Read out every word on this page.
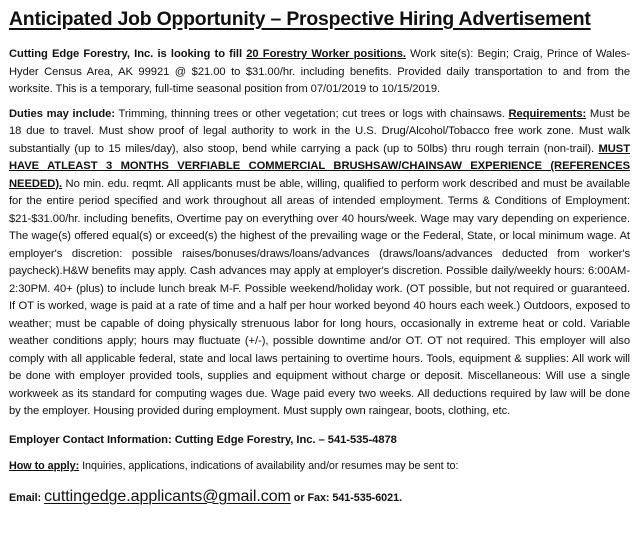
Anticipated Job Opportunity – Prospective Hiring Advertisement

Cutting Edge Forestry, Inc. is looking to fill 20 Forestry Worker positions. Work site(s): Begin; Craig, Prince of Wales-Hyder Census Area, AK 99921 @ $21.00 to $31.00/hr. including benefits. Provided daily transportation to and from the worksite. This is a temporary, full-time seasonal position from 07/01/2019 to 10/15/2019.

Duties may include: Trimming, thinning trees or other vegetation; cut trees or logs with chainsaws. Requirements: Must be 18 due to travel. Must show proof of legal authority to work in the U.S. Drug/Alcohol/Tobacco free work zone. Must walk substantially (up to 15 miles/day), also stoop, bend while carrying a pack (up to 50lbs) thru rough terrain (non-trail). MUST HAVE ATLEAST 3 MONTHS VERFIABLE COMMERCIAL BRUSHSAW/CHAINSAW EXPERIENCE (REFERENCES NEEDED). No min. edu. reqmt. All applicants must be able, willing, qualified to perform work described and must be available for the entire period specified and work throughout all areas of intended employment. Terms & Conditions of Employment: $21-$31.00/hr. including benefits, Overtime pay on everything over 40 hours/week. Wage may vary depending on experience. The wage(s) offered equal(s) or exceed(s) the highest of the prevailing wage or the Federal, State, or local minimum wage. At employer's discretion: possible raises/bonuses/draws/loans/advances (draws/loans/advances deducted from worker's paycheck).H&W benefits may apply. Cash advances may apply at employer's discretion. Possible daily/weekly hours: 6:00AM-2:30PM. 40+ (plus) to include lunch break M-F. Possible weekend/holiday work. (OT possible, but not required or guaranteed. If OT is worked, wage is paid at a rate of time and a half per hour worked beyond 40 hours each week.) Outdoors, exposed to weather; must be capable of doing physically strenuous labor for long hours, occasionally in extreme heat or cold. Variable weather conditions apply; hours may fluctuate (+/-), possible downtime and/or OT. OT not required. This employer will also comply with all applicable federal, state and local laws pertaining to overtime hours. Tools, equipment & supplies: All work will be done with employer provided tools, supplies and equipment without charge or deposit. Miscellaneous: Will use a single workweek as its standard for computing wages due. Wage paid every two weeks. All deductions required by law will be done by the employer. Housing provided during employment. Must supply own raingear, boots, clothing, etc.

Employer Contact Information: Cutting Edge Forestry, Inc. – 541-535-4878

How to apply: Inquiries, applications, indications of availability and/or resumes may be sent to:

Email: cuttingedge.applicants@gmail.com or Fax: 541-535-6021.
